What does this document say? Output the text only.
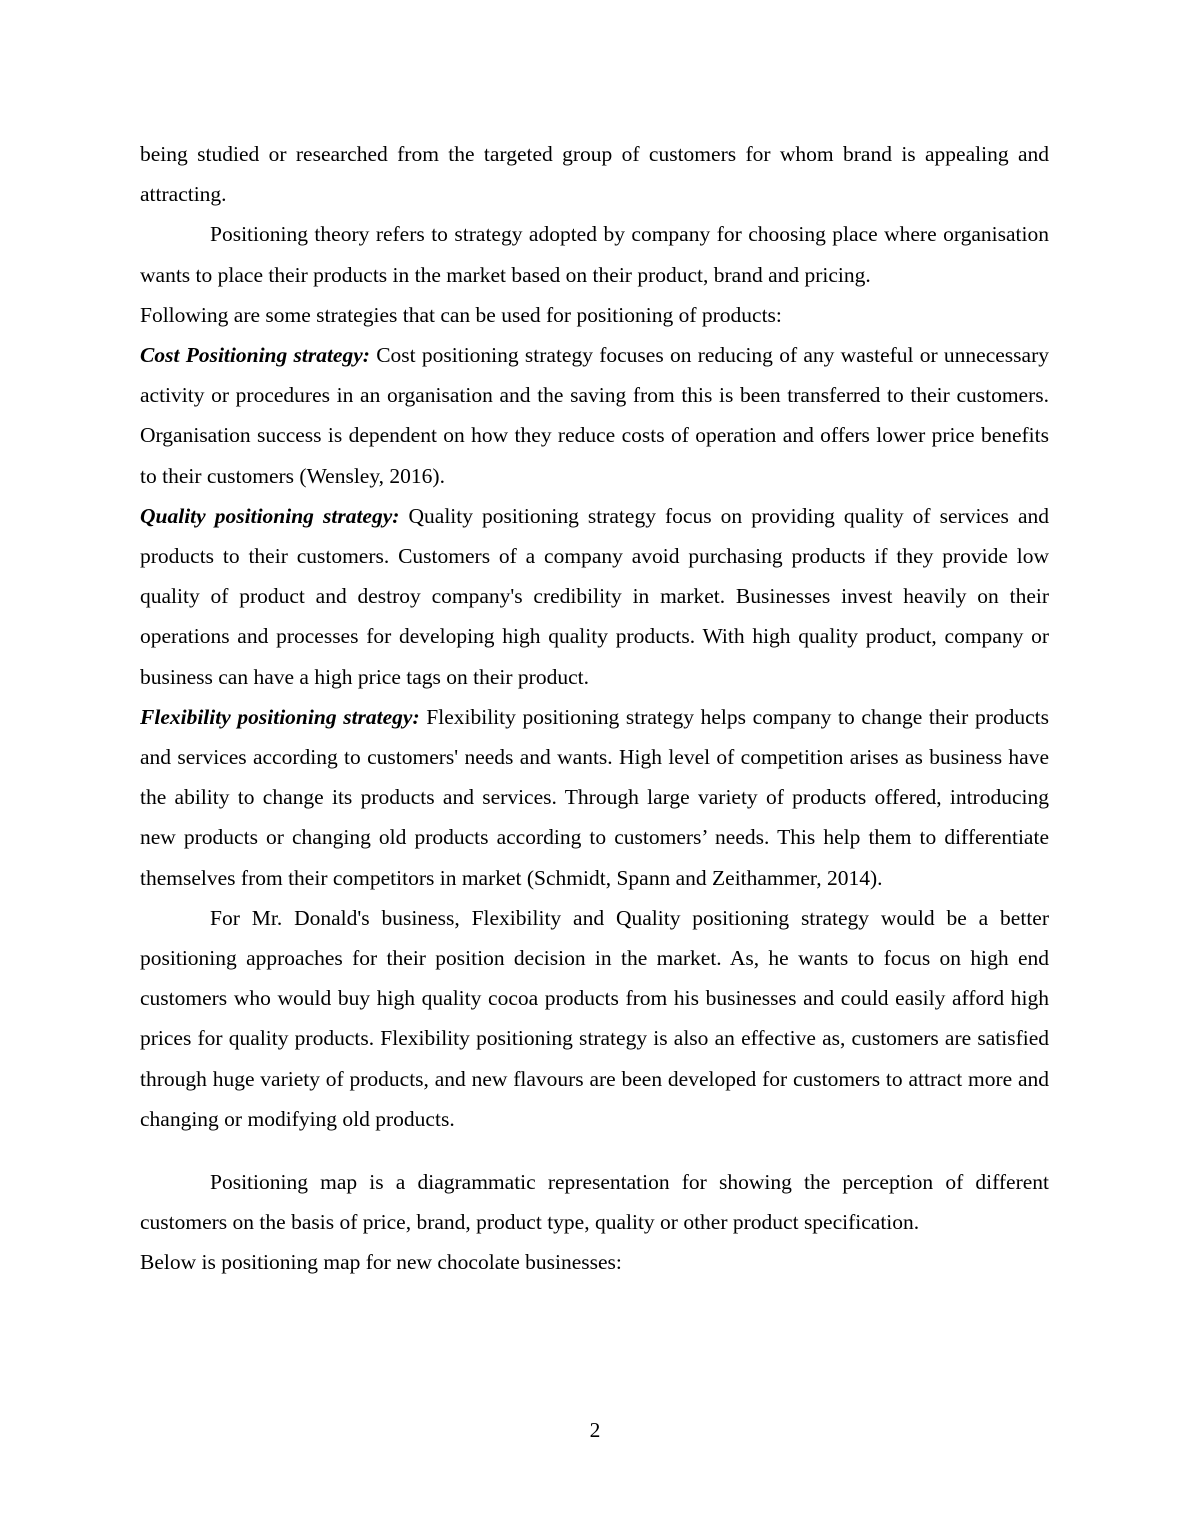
being studied or researched from the targeted group of customers for whom brand is appealing and attracting.

Positioning theory refers to strategy adopted by company for choosing place where organisation wants to place their products in the market based on their product, brand and pricing.

Following are some strategies that can be used for positioning of products:

Cost Positioning strategy: Cost positioning strategy focuses on reducing of any wasteful or unnecessary activity or procedures in an organisation and the saving from this is been transferred to their customers. Organisation success is dependent on how they reduce costs of operation and offers lower price benefits to their customers (Wensley, 2016).

Quality positioning strategy: Quality positioning strategy focus on providing quality of services and products to their customers. Customers of a company avoid purchasing products if they provide low quality of product and destroy company's credibility in market. Businesses invest heavily on their operations and processes for developing high quality products. With high quality product, company or business can have a high price tags on their product.

Flexibility positioning strategy: Flexibility positioning strategy helps company to change their products and services according to customers' needs and wants. High level of competition arises as business have the ability to change its products and services. Through large variety of products offered, introducing new products or changing old products according to customers’ needs. This help them to differentiate themselves from their competitors in market (Schmidt, Spann and Zeithammer, 2014).

For Mr. Donald's business, Flexibility and Quality positioning strategy would be a better positioning approaches for their position decision in the market. As, he wants to focus on high end customers who would buy high quality cocoa products from his businesses and could easily afford high prices for quality products. Flexibility positioning strategy is also an effective as, customers are satisfied through huge variety of products, and new flavours are been developed for customers to attract more and changing or modifying old products.

Positioning map is a diagrammatic representation for showing the perception of different customers on the basis of price, brand, product type, quality or other product specification.

Below is positioning map for new chocolate businesses:

2
